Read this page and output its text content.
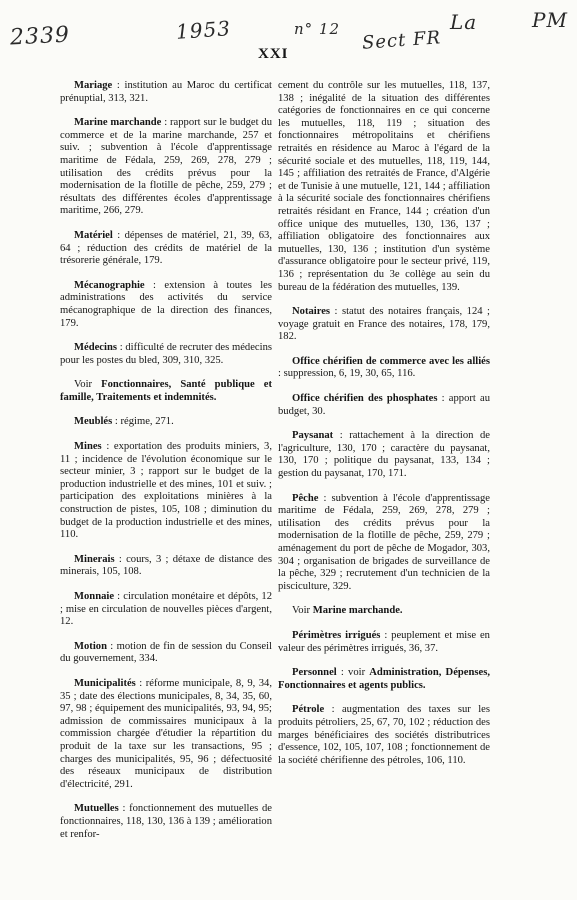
2339	1953	n° 12 Sect FR
La	PM
XXI

Mariage : institution au Maroc du certificat prénuptial, 313, 321.

Marine marchande : rapport sur le budget du commerce et de la marine marchande, 257 et suiv. ; subvention à l'école d'apprentissage maritime de Fédala, 259, 269, 278, 279 ; utilisation des crédits prévus pour la modernisation de la flotille de pêche, 259, 279 ; résultats des différentes écoles d'apprentissage maritime, 266, 279.

Matériel : dépenses de matériel, 21, 39, 63, 64 ; réduction des crédits de matériel de la trésorerie générale, 179.

Mécanographie : extension à toutes les administrations des activités du service mécanographique de la direction des finances, 179.

Médecins : difficulté de recruter des médecins pour les postes du bled, 309, 310, 325.

Voir Fonctionnaires, Santé publique et famille, Traitements et indemnités.

Meublés : régime, 271.

Mines : exportation des produits miniers, 3, 11 ; incidence de l'évolution économique sur le secteur minier, 3 ; rapport sur le budget de la production industrielle et des mines, 101 et suiv. ; participation des exploitations minières à la construction de pistes, 105, 108 ; diminution du budget de la production industrielle et des mines, 110.

Minerais : cours, 3 ; détaxe de distance des minerais, 105, 108.

Monnaie : circulation monétaire et dépôts, 12 ; mise en circulation de nouvelles pièces d'argent, 12.

Motion : motion de fin de session du Conseil du gouvernement, 334.

Municipalités : réforme municipale, 8, 9, 34, 35 ; date des élections municipales, 8, 34, 35, 60, 97, 98 ; équipement des municipalités, 93, 94, 95; admission de commissaires municipaux à la commission chargée d'étudier la répartition du produit de la taxe sur les transactions, 95 ; charges des municipalités, 95, 96 ; défectuosité des réseaux municipaux de distribution d'électricité, 291.

Mutuelles : fonctionnement des mutuelles de fonctionnaires, 118, 130, 136 à 139 ; amélioration et renfor-

cement du contrôle sur les mutuelles, 118, 137, 138 ; inégalité de la situation des différentes catégories de fonctionnaires en ce qui concerne les mutuelles, 118, 119 ; situation des fonctionnaires métropolitains et chérifiens retraités en résidence au Maroc à l'égard de la sécurité sociale et des mutuelles, 118, 119, 144, 145 ; affiliation des retraités de France, d'Algérie et de Tunisie à une mutuelle, 121, 144 ; affiliation à la sécurité sociale des fonctionnaires chérifiens retraités résidant en France, 144 ; création d'un office unique des mutuelles, 130, 136, 137 ; affiliation obligatoire des fonctionnaires aux mutuelles, 130, 136 ; institution d'un système d'assurance obligatoire pour le secteur privé, 119, 136 ; représentation du 3e collège au sein du bureau de la fédération des mutuelles, 139.

Notaires : statut des notaires français, 124 ; voyage gratuit en France des notaires, 178, 179, 182.

Office chérifien de commerce avec les alliés : suppression, 6, 19, 30, 65, 116.

Office chérifien des phosphates : apport au budget, 30.

Paysanat : rattachement à la direction de l'agriculture, 130, 170 ; caractère du paysanat, 130, 170 ; politique du paysanat, 133, 134 ; gestion du paysanat, 170, 171.

Pêche : subvention à l'école d'apprentissage maritime de Fédala, 259, 269, 278, 279 ; utilisation des crédits prévus pour la modernisation de la flotille de pêche, 259, 279 ; aménagement du port de pêche de Mogador, 303, 304 ; organisation de brigades de surveillance de la pêche, 329 ; recrutement d'un technicien de la pisciculture, 329.

Voir Marine marchande.

Périmètres irrigués : peuplement et mise en valeur des périmètres irrigués, 36, 37.

Personnel : voir Administration, Dépenses, Fonctionnaires et agents publics.

Pétrole : augmentation des taxes sur les produits pétroliers, 25, 67, 70, 102 ; réduction des marges bénéficiaires des sociétés distributrices d'essence, 102, 105, 107, 108 ; fonctionnement de la société chérifienne des pétroles, 106, 110.
